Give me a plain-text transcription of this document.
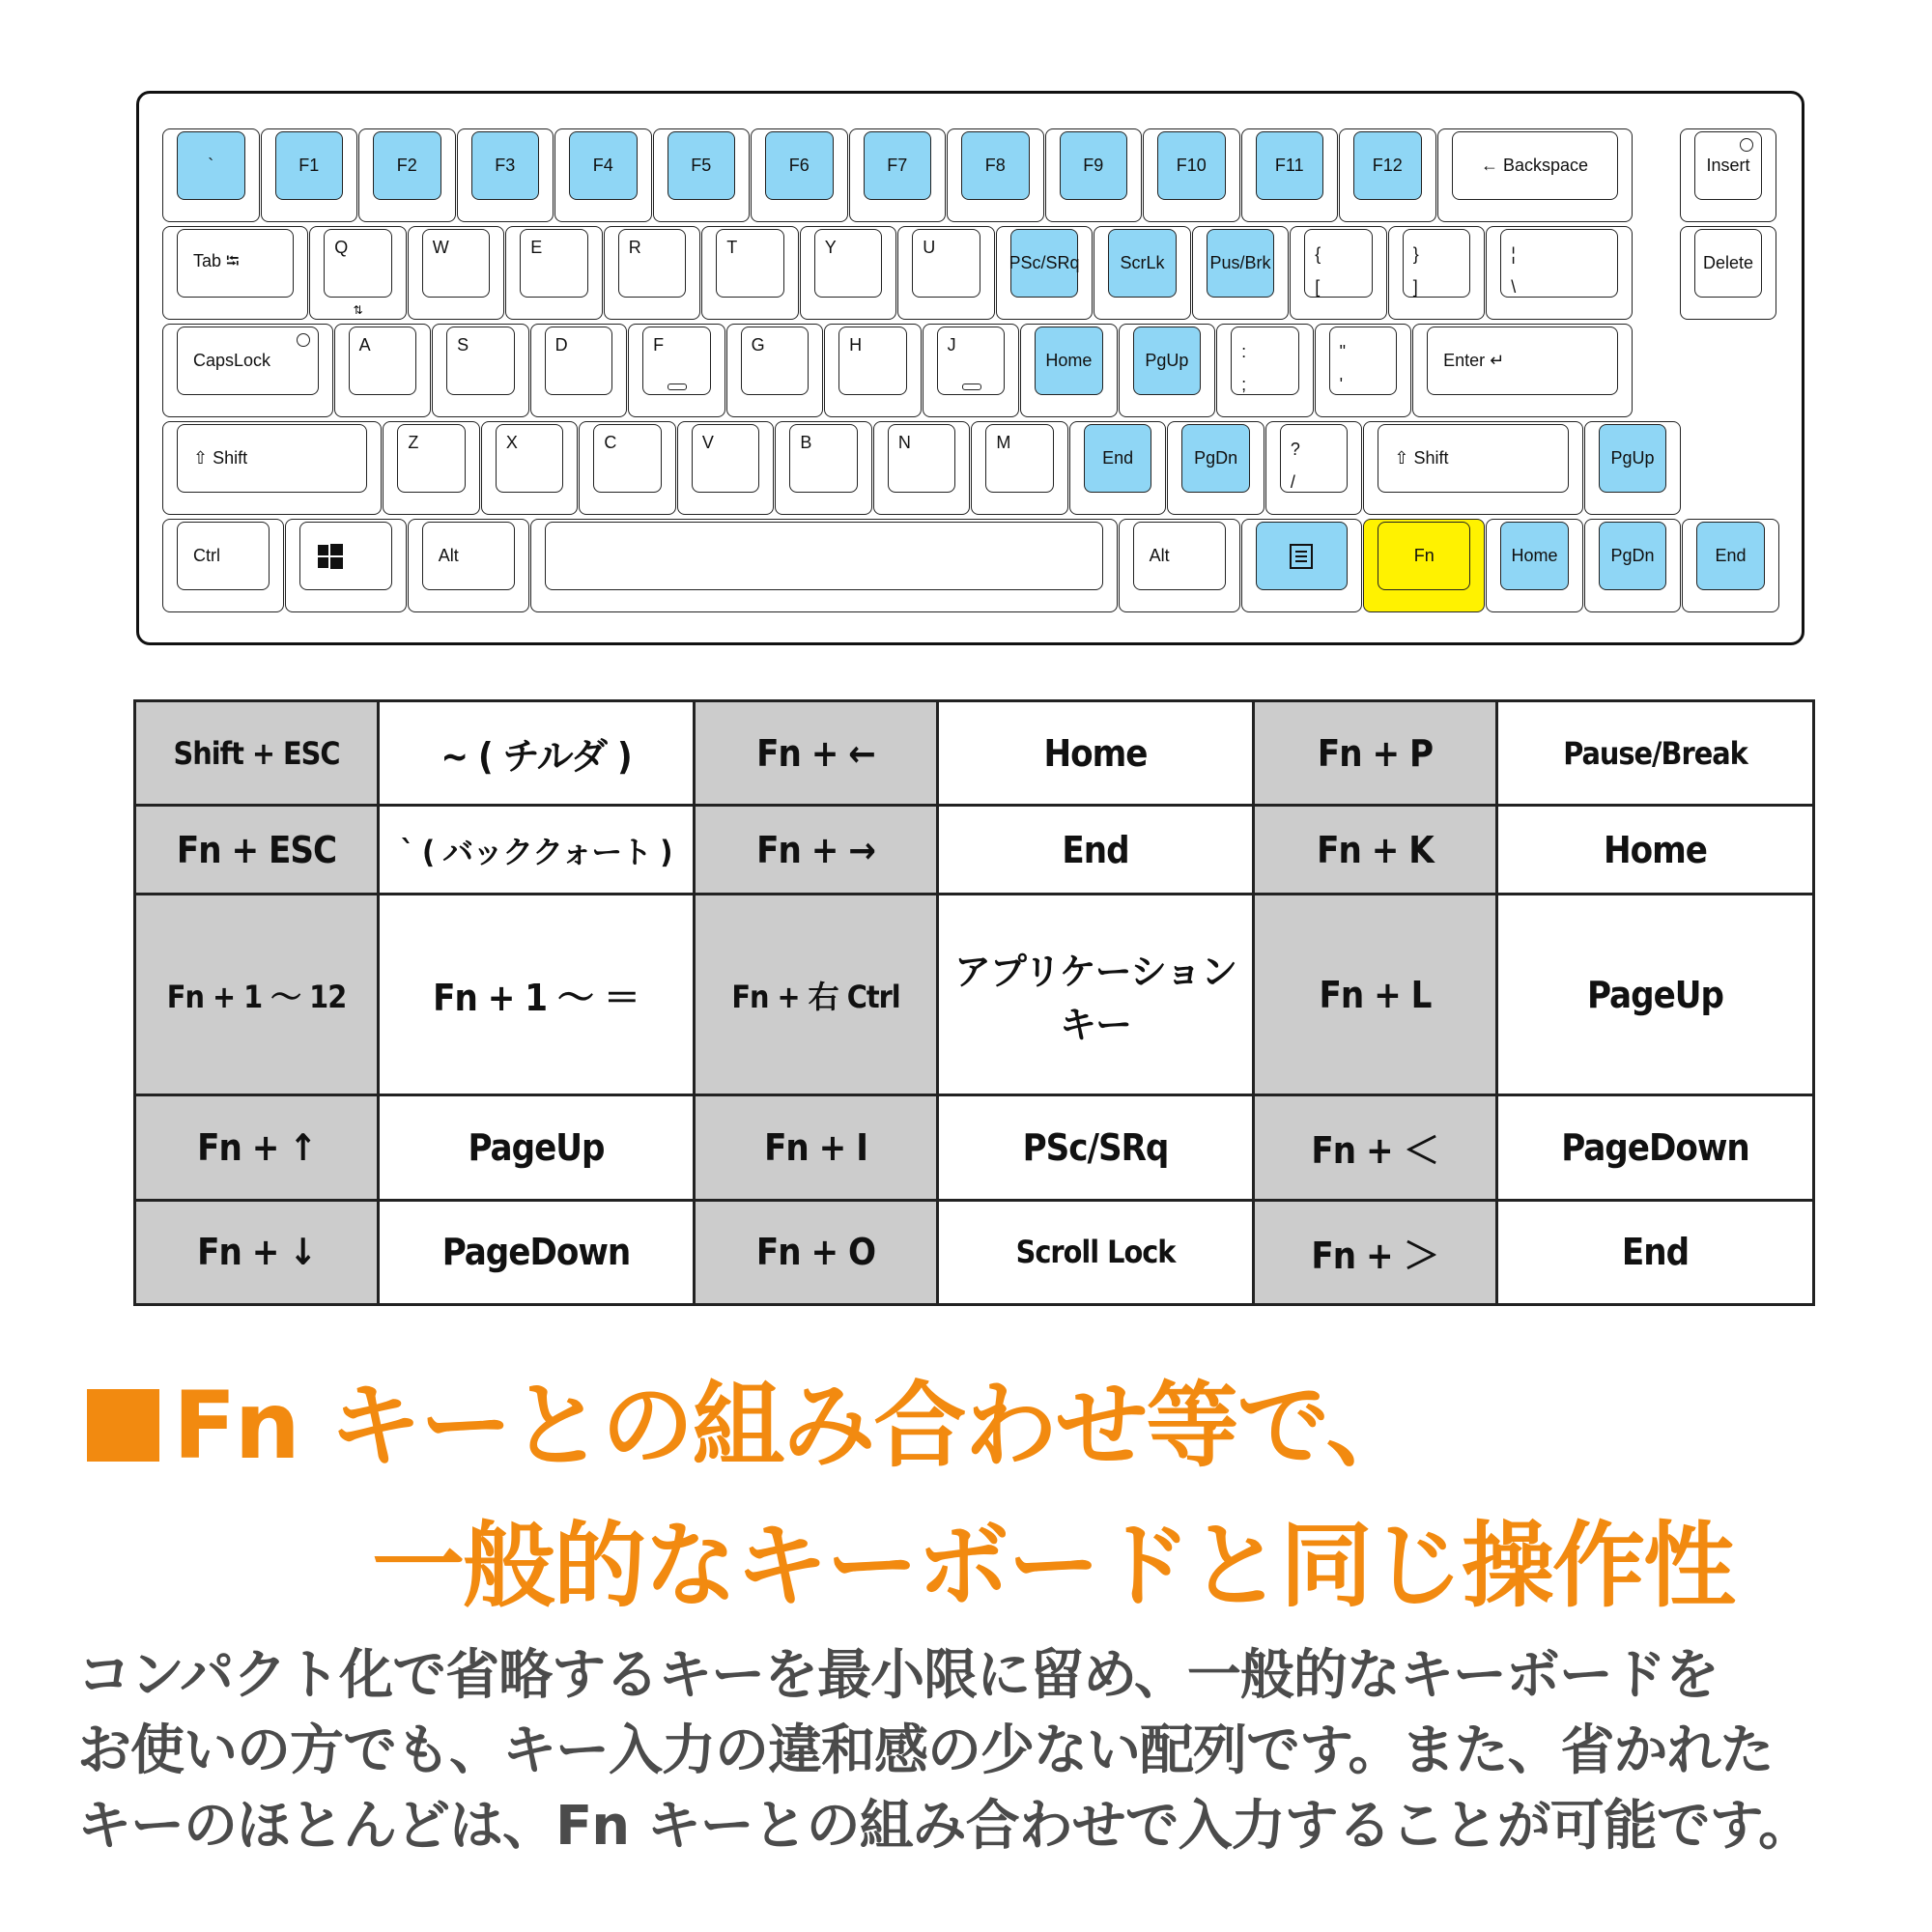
`	F1	F2	F3	F4	F5	F6	F7	F8	F9	F10	F11	F12	← Backspace	Insert
Tab ⭾
Q
⇅
W	E	R	T	Y	U
PSc/SRq ScrLk	Pus/Brk	{
[
}
]
¦
\
Delete
CapsLock
A	S	D	F	G	H	J
Home	PgUp	:
;
"
'
Enter ↵
⇧ Shift
Z	X	C	V	B	N	M
End	PgDn	?
/
⇧ Shift	PgUp
Ctrl	Alt	Alt	Fn	Home	PgDn	End
Shift + ESC	~ ( チルダ )	Fn + ←	Home	Fn + P	Pause/Break
Fn + ESC	` ( バッククォート )	Fn + →	End	Fn + K	Home
Fn + 1 ～ 12	Fn + 1 ～ ＝	Fn + 右 Ctrl	アプリケーションキー	Fn + L	PageUp
Fn + ↑	PageUp	Fn + I	PSc/SRq	Fn + ＜	PageDown
Fn + ↓	PageDown	Fn + O	Scroll Lock	Fn + ＞	End
Fn キーとの組み合わせ等で、
一般的なキーボードと同じ操作性
コンパクト化で省略するキーを最小限に留め、一般的なキーボードを
お使いの方でも、キー入力の違和感の少ない配列です。また、省かれた
キーのほとんどは、Fn キーとの組み合わせで入力することが可能です。
